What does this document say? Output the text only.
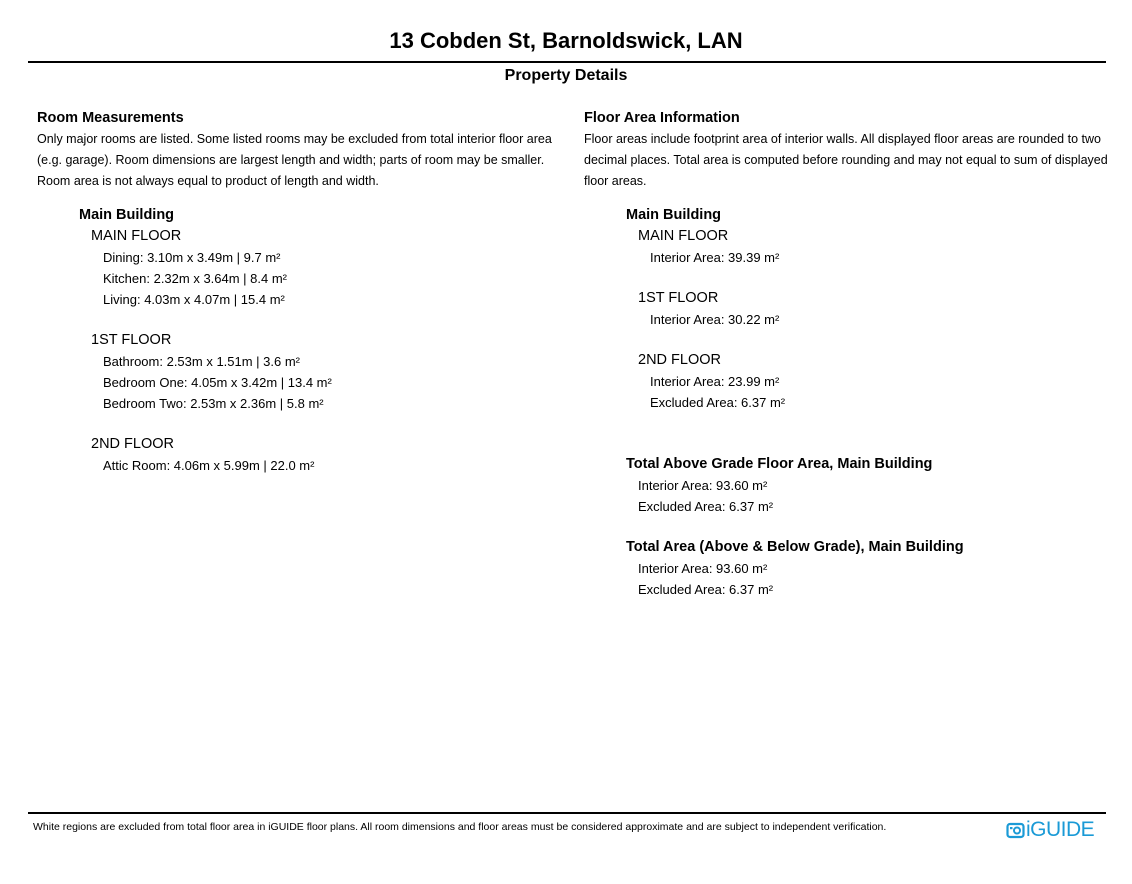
13 Cobden St, Barnoldswick, LAN
Property Details
Room Measurements
Only major rooms are listed. Some listed rooms may be excluded from total interior floor area (e.g. garage). Room dimensions are largest length and width; parts of room may be smaller. Room area is not always equal to product of length and width.
Main Building
MAIN FLOOR
Dining: 3.10m x 3.49m | 9.7 m²
Kitchen: 2.32m x 3.64m | 8.4 m²
Living: 4.03m x 4.07m | 15.4 m²
1ST FLOOR
Bathroom: 2.53m x 1.51m | 3.6 m²
Bedroom One: 4.05m x 3.42m | 13.4 m²
Bedroom Two: 2.53m x 2.36m | 5.8 m²
2ND FLOOR
Attic Room: 4.06m x 5.99m | 22.0 m²
Floor Area Information
Floor areas include footprint area of interior walls. All displayed floor areas are rounded to two decimal places. Total area is computed before rounding and may not equal to sum of displayed floor areas.
Main Building
MAIN FLOOR
Interior Area: 39.39 m²
1ST FLOOR
Interior Area: 30.22 m²
2ND FLOOR
Interior Area: 23.99 m²
Excluded Area: 6.37 m²
Total Above Grade Floor Area, Main Building
Interior Area: 93.60 m²
Excluded Area: 6.37 m²
Total Area (Above & Below Grade), Main Building
Interior Area: 93.60 m²
Excluded Area: 6.37 m²
White regions are excluded from total floor area in iGUIDE floor plans. All room dimensions and floor areas must be considered approximate and are subject to independent verification.	iGUIDE
